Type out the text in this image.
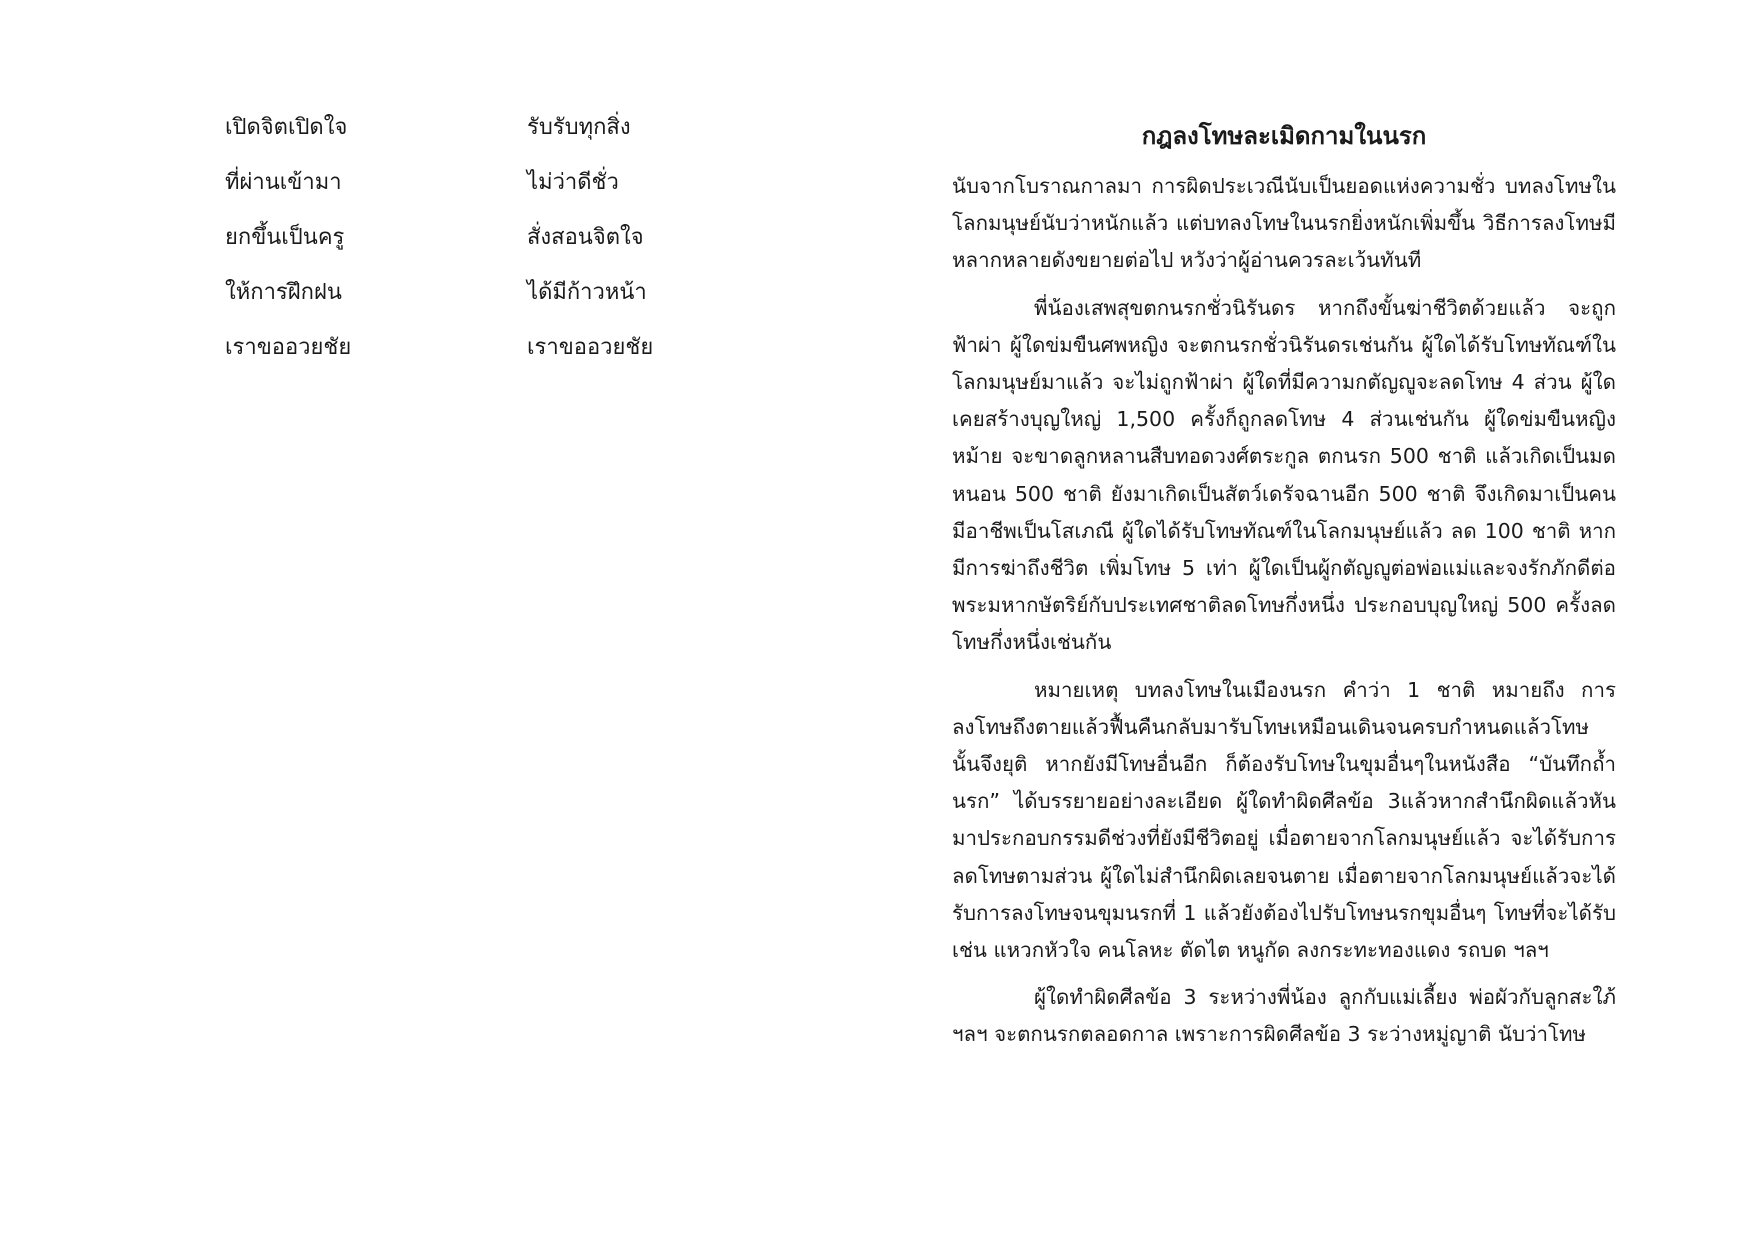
เปิดจิตเปิดใจ	รับรับทุกสิ่ง
ที่ผ่านเข้ามา	ไม่ว่าดีชั่ว
ยกขึ้นเป็นครู	สั่งสอนจิตใจ
ให้การฝึกฝน	ได้มีก้าวหน้า
เราขออวยชัย	เราขออวยชัย
กฎลงโทษละเมิดกามในนรก

นับจากโบราณกาลมา การผิดประเวณีนับเป็นยอดแห่งความชั่ว บทลงโทษในโลกมนุษย์นับว่าหนักแล้ว แต่บทลงโทษในนรกยิ่งหนักเพิ่มขึ้น วิธีการลงโทษมีหลากหลายดังขยายต่อไป หวังว่าผู้อ่านควรละเว้นทันที

พี่น้องเสพสุขตกนรกชั่วนิรันดร หากถึงขั้นฆ่าชีวิตด้วยแล้ว จะถูกฟ้าผ่า ผู้ใดข่มขืนศพหญิง จะตกนรกชั่วนิรันดรเช่นกัน ผู้ใดได้รับโทษทัณฑ์ในโลกมนุษย์มาแล้ว จะไม่ถูกฟ้าผ่า ผู้ใดที่มีความกตัญญูจะลดโทษ 4 ส่วน ผู้ใดเคยสร้างบุญใหญ่ 1,500 ครั้งก็ถูกลดโทษ 4 ส่วนเช่นกัน ผู้ใดข่มขืนหญิงหม้าย จะขาดลูกหลานสืบทอดวงศ์ตระกูล ตกนรก 500 ชาติ แล้วเกิดเป็นมด หนอน 500 ชาติ ยังมาเกิดเป็นสัตว์เดรัจฉานอีก 500 ชาติ จึงเกิดมาเป็นคน มีอาชีพเป็นโสเภณี ผู้ใดได้รับโทษทัณฑ์ในโลกมนุษย์แล้ว ลด 100 ชาติ หากมีการฆ่าถึงชีวิต เพิ่มโทษ 5 เท่า ผู้ใดเป็นผู้กตัญญูต่อพ่อแม่และจงรักภักดีต่อพระมหากษัตริย์กับประเทศชาติลดโทษกึ่งหนึ่ง ประกอบบุญใหญ่ 500 ครั้งลดโทษกึ่งหนึ่งเช่นกัน

หมายเหตุ บทลงโทษในเมืองนรก คำว่า 1 ชาติ หมายถึง การลงโทษถึงตายแล้วฟื้นคืนกลับมารับโทษเหมือนเดินจนครบกำหนดแล้วโทษนั้นจึงยุติ หากยังมีโทษอื่นอีก ก็ต้องรับโทษในขุมอื่นๆในหนังสือ “บันทึกถ้ำนรก” ได้บรรยายอย่างละเอียด ผู้ใดทำผิดศีลข้อ 3แล้วหากสำนึกผิดแล้วหันมาประกอบกรรมดีช่วงที่ยังมีชีวิตอยู่ เมื่อตายจากโลกมนุษย์แล้ว จะได้รับการลดโทษตามส่วน ผู้ใดไม่สำนึกผิดเลยจนตาย เมื่อตายจากโลกมนุษย์แล้วจะได้รับการลงโทษจนขุมนรกที่ 1 แล้วยังต้องไปรับโทษนรกขุมอื่นๆ โทษที่จะได้รับเช่น แหวกหัวใจ คนโลหะ ตัดไต หนูกัด ลงกระทะทองแดง รถบด ฯลฯ

ผู้ใดทำผิดศีลข้อ 3 ระหว่างพี่น้อง ลูกกับแม่เลี้ยง พ่อผัวกับลูกสะใภ้ ฯลฯ จะตกนรกตลอดกาล เพราะการผิดศีลข้อ 3 ระว่างหมู่ญาติ นับว่าโทษ
